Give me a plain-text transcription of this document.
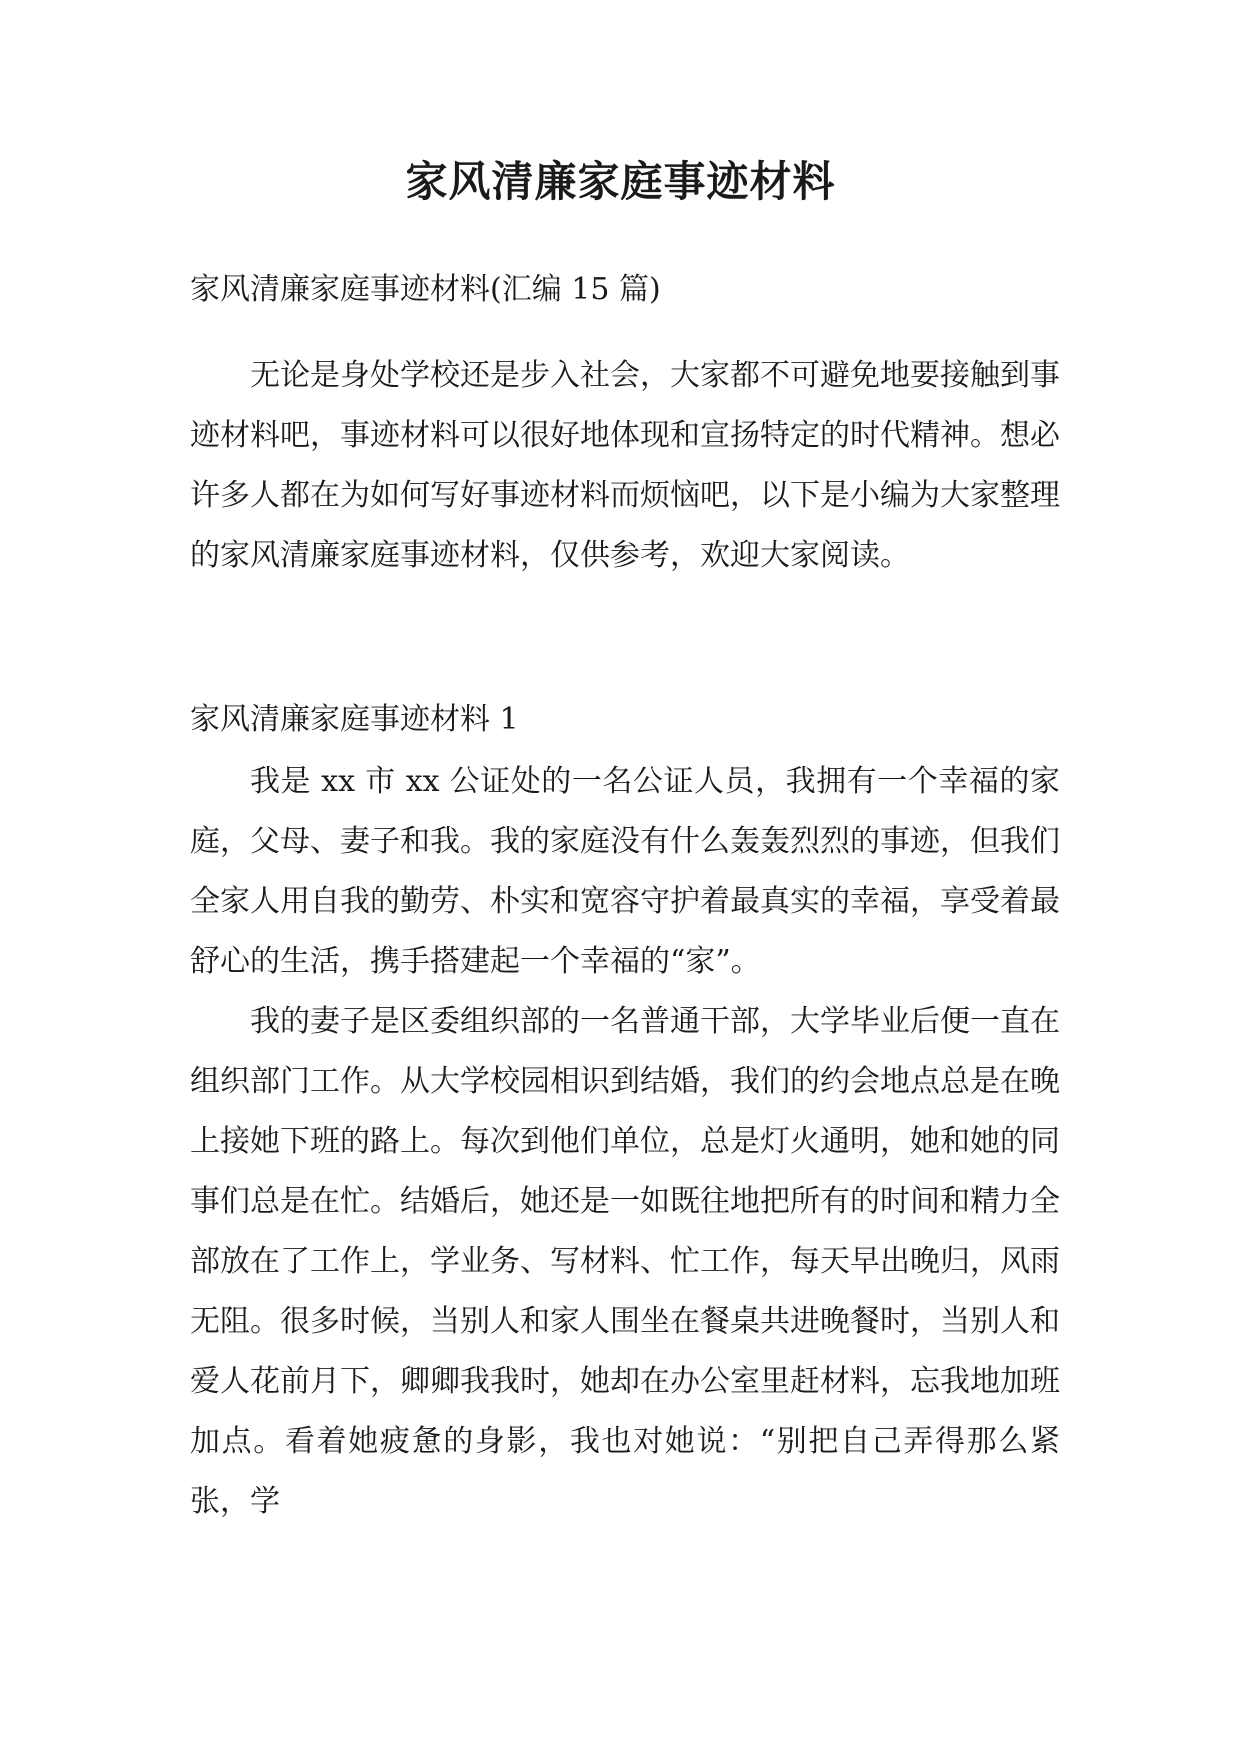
家风清廉家庭事迹材料

家风清廉家庭事迹材料(汇编 15 篇)

无论是身处学校还是步入社会，大家都不可避免地要接触到事迹材料吧，事迹材料可以很好地体现和宣扬特定的时代精神。想必许多人都在为如何写好事迹材料而烦恼吧，以下是小编为大家整理的家风清廉家庭事迹材料，仅供参考，欢迎大家阅读。

家风清廉家庭事迹材料 1

我是 xx 市 xx 公证处的一名公证人员，我拥有一个幸福的家庭，父母、妻子和我。我的家庭没有什么轰轰烈烈的事迹，但我们全家人用自我的勤劳、朴实和宽容守护着最真实的幸福，享受着最舒心的生活，携手搭建起一个幸福的“家”。

我的妻子是区委组织部的一名普通干部，大学毕业后便一直在组织部门工作。从大学校园相识到结婚，我们的约会地点总是在晚上接她下班的路上。每次到他们单位，总是灯火通明，她和她的同事们总是在忙。结婚后，她还是一如既往地把所有的时间和精力全部放在了工作上，学业务、写材料、忙工作，每天早出晚归，风雨无阻。很多时候，当别人和家人围坐在餐桌共进晚餐时，当别人和爱人花前月下，卿卿我我时，她却在办公室里赶材料，忘我地加班加点。看着她疲惫的身影，我也对她说：“别把自己弄得那么紧张，学
